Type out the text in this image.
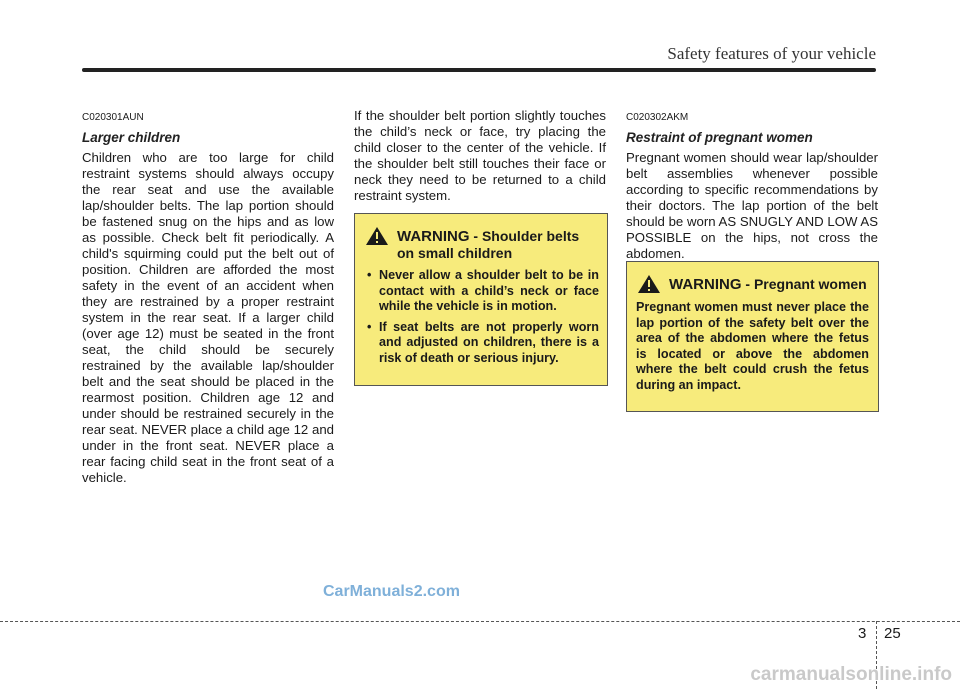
Safety features of your vehicle
C020301AUN
Larger children

Children who are too large for child restraint systems should always occupy the rear seat and use the available lap/shoulder belts. The lap portion should be fastened snug on the hips and as low as possible. Check belt fit periodically. A child's squirming could put the belt out of position. Children are afforded the most safety in the event of an accident when they are restrained by a proper restraint system in the rear seat. If a larger child (over age 12) must be seated in the front seat, the child should be securely restrained by the available lap/shoulder belt and the seat should be placed in the rearmost position. Children age 12 and under should be restrained securely in the rear seat. NEVER place a child age 12 and under in the front seat. NEVER place a rear facing child seat in the front seat of a vehicle.

If the shoulder belt portion slightly touches the child’s neck or face, try placing the child closer to the center of the vehicle. If the shoulder belt still touches their face or neck they need to be returned to a child restraint system.

WARNING - Shoulder belts on small children
• Never allow a shoulder belt to be in contact with a child’s neck or face while the vehicle is in motion.
• If seat belts are not properly worn and adjusted on children, there is a risk of death or serious injury.
C020302AKM
Restraint of pregnant women

Pregnant women should wear lap/shoulder belt assemblies whenever possible according to specific recommendations by their doctors. The lap portion of the belt should be worn AS SNUGLY AND LOW AS POSSIBLE on the hips, not cross the abdomen.

WARNING - Pregnant women
Pregnant women must never place the lap portion of the safety belt over the area of the abdomen where the fetus is located or above the abdomen where the belt could crush the fetus during an impact.
CarManuals2.com
3 25
carmanualsonline.info
